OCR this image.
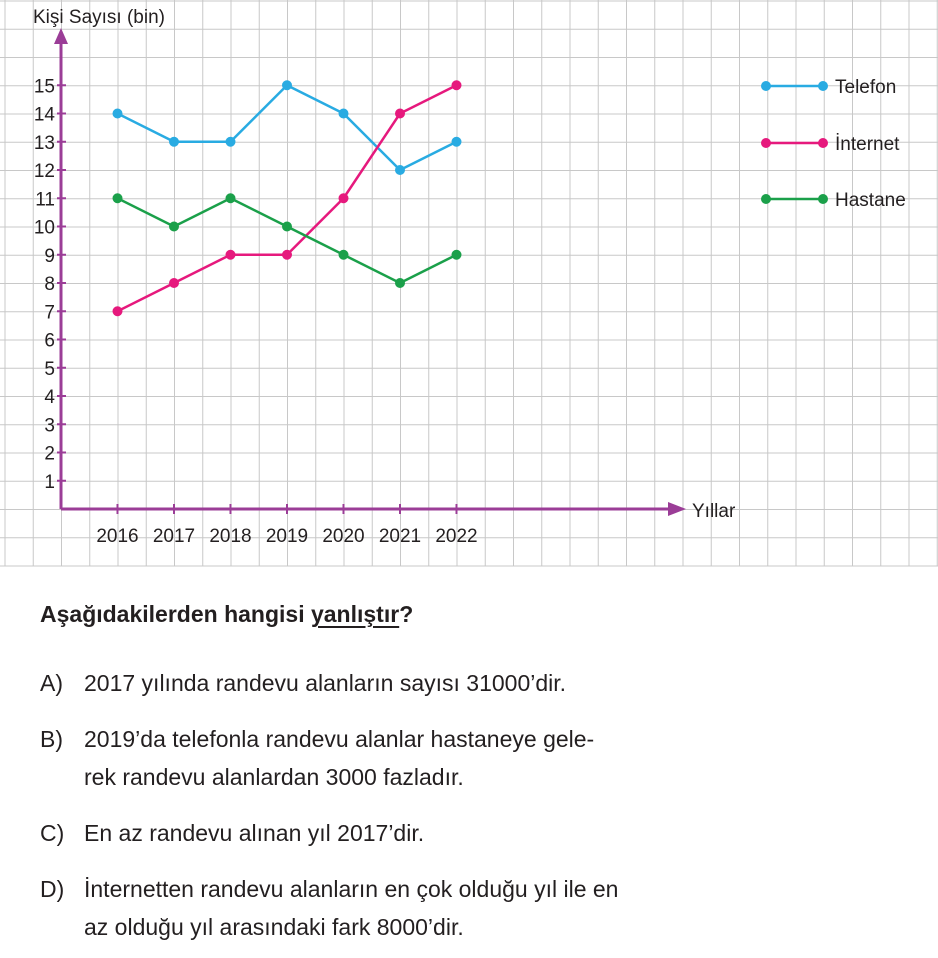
1
2
3
4
5
6
7
8
9
10
11
12
13
14
15
2016 2017 2018 2019 2020 2021 2022
Kişi Sayısı (bin)
Yıllar
Telefon
İnternet
Hastane

Aşağıdakilerden hangisi yanlıştır?

A) 2017 yılında randevu alanların sayısı 31000’dir.
B) 2019’da telefonla randevu alanlar hastaneye gele-
rek randevu alanlardan 3000 fazladır.
C) En az randevu alınan yıl 2017’dir.
D) İnternetten randevu alanların en çok olduğu yıl ile en
az olduğu yıl arasındaki fark 8000’dir.
